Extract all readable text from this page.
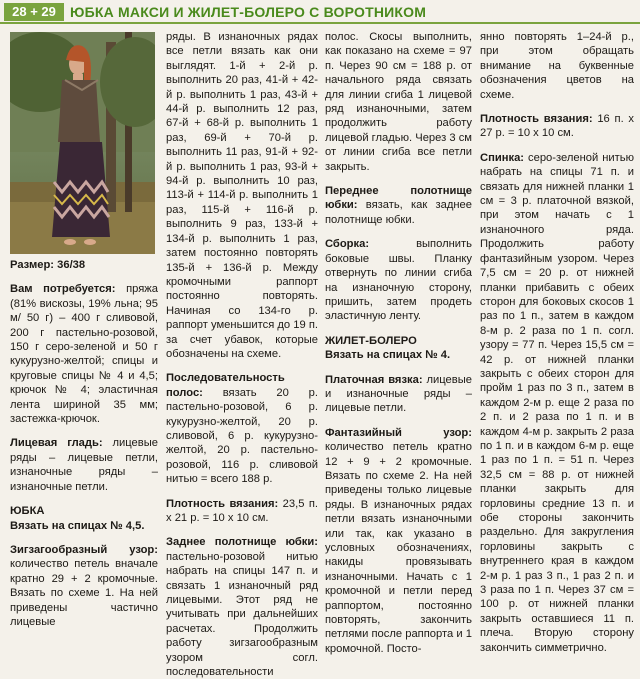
28 + 29	ЮБКА МАКСИ И ЖИЛЕТ-БОЛЕРО С ВОРОТНИКОМ

Размер: 36/38

Вам потребуется: пряжа (81% вискозы, 19% льна; 95 м/ 50 г) – 400 г сливовой, 200 г пастельно-розовой, 150 г серо-зеленой и 50 г кукурузно-желтой; спицы и круговые спицы № 4 и 4,5; крючок № 4; эластичная лента шириной 35 мм; застежка-крючок.

Лицевая гладь: лицевые ряды – лицевые петли, изнаночные ряды – изнаночные петли.

ЮБКА

Вязать на спицах № 4,5.

Зигзагообразный узор: количество петель вначале кратно 29 + 2 кромочные. Вязать по схеме 1. На ней приведены частично лицевые

ряды. В изнаночных рядах все петли вязать как они выглядят. 1-й + 2-й р. выполнить 20 раз, 41-й + 42-й р. выполнить 1 раз, 43-й + 44-й р. выполнить 12 раз, 67-й + 68-й р. выполнить 1 раз, 69-й + 70-й р. выполнить 11 раз, 91-й + 92-й р. выполнить 1 раз, 93-й + 94-й р. выполнить 10 раз, 113-й + 114-й р. выполнить 1 раз, 115-й + 116-й р. выполнить 9 раз, 133-й + 134-й р. выполнить 1 раз, затем постоянно повторять 135-й + 136-й р. Между кромочными раппорт постоянно повторять. Начиная со 134-го р. раппорт уменьшится до 19 п. за счет убавок, которые обозначены на схеме.

Последовательность полос: вязать 20 р. пастельно-розовой, 6 р. кукурузно-желтой, 20 р. сливовой, 6 р. кукурузно-желтой, 20 р. пастельно-розовой, 116 р. сливовой нитью = всего 188 р.

Плотность вязания: 23,5 п. х 21 р. = 10 х 10 см.

Заднее полотнище юбки: пастельно-розовой нитью набрать на спицы 147 п. и связать 1 изнаночный ряд лицевыми. Этот ряд не учитывать при дальнейших расчетах. Продолжить работу зигзагообразным узором согл. последовательности

полос. Скосы выполнить, как показано на схеме = 97 п. Через 90 см = 188 р. от начального ряда связать для линии сгиба 1 лицевой ряд изнаночными, затем продолжить работу лицевой гладью. Через 3 см от линии сгиба все петли закрыть.

Переднее полотнище юбки: вязать, как заднее полотнище юбки.

Сборка:	выполнить боковые швы. Планку отвернуть по линии сгиба на изнаночную сторону, пришить, затем продеть эластичную ленту.

ЖИЛЕТ-БОЛЕРО

Вязать на спицах № 4.

Платочная вязка: лицевые и изнаночные ряды – лицевые петли.

Фантазийный узор: количество петель кратно 12 + 9 + 2 кромочные. Вязать по схеме 2. На ней приведены только лицевые ряды. В изнаночных рядах петли вязать изнаночными или так, как указано в условных обозначениях, накиды провязывать изнаночными. Начать с 1 кромочной и петли перед раппортом, постоянно повторять, закончить петлями после раппорта и 1 кромочной. Посто-

янно повторять 1–24-й р., при этом обращать внимание на буквенные обозначения цветов на схеме.

Плотность вязания: 16 п. х 27 р. = 10 х 10 см.

Спинка: серо-зеленой нитью набрать на спицы 71 п. и связать для нижней планки 1 см = 3 р. платочной вязкой, при этом начать с 1 изнаночного ряда. Продолжить работу фантазийным узором. Через 7,5 см = 20 р. от нижней планки прибавить с обеих сторон для боковых скосов 1 раз по 1 п., затем в каждом 8-м р. 2 раза по 1 п. согл. узору = 77 п. Через 15,5 см = 42 р. от нижней планки закрыть с обеих сторон для пройм 1 раз по 3 п., затем в каждом 2-м р. еще 2 раза по 2 п. и 2 раза по 1 п. и в каждом 4-м р. закрыть 2 раза по 1 п. и в каждом 6-м р. еще 1 раз по 1 п. = 51 п. Через 32,5 см = 88 р. от нижней планки закрыть для горловины средние 13 п. и обе стороны закончить раздельно. Для закругления горловины закрыть с внутреннего края в каждом 2-м р. 1 раз 3 п., 1 раз 2 п. и 3 раза по 1 п. Через 37 см = 100 р. от нижней планки закрыть оставшиеся 11 п. плеча. Вторую сторону закончить симметрично.
